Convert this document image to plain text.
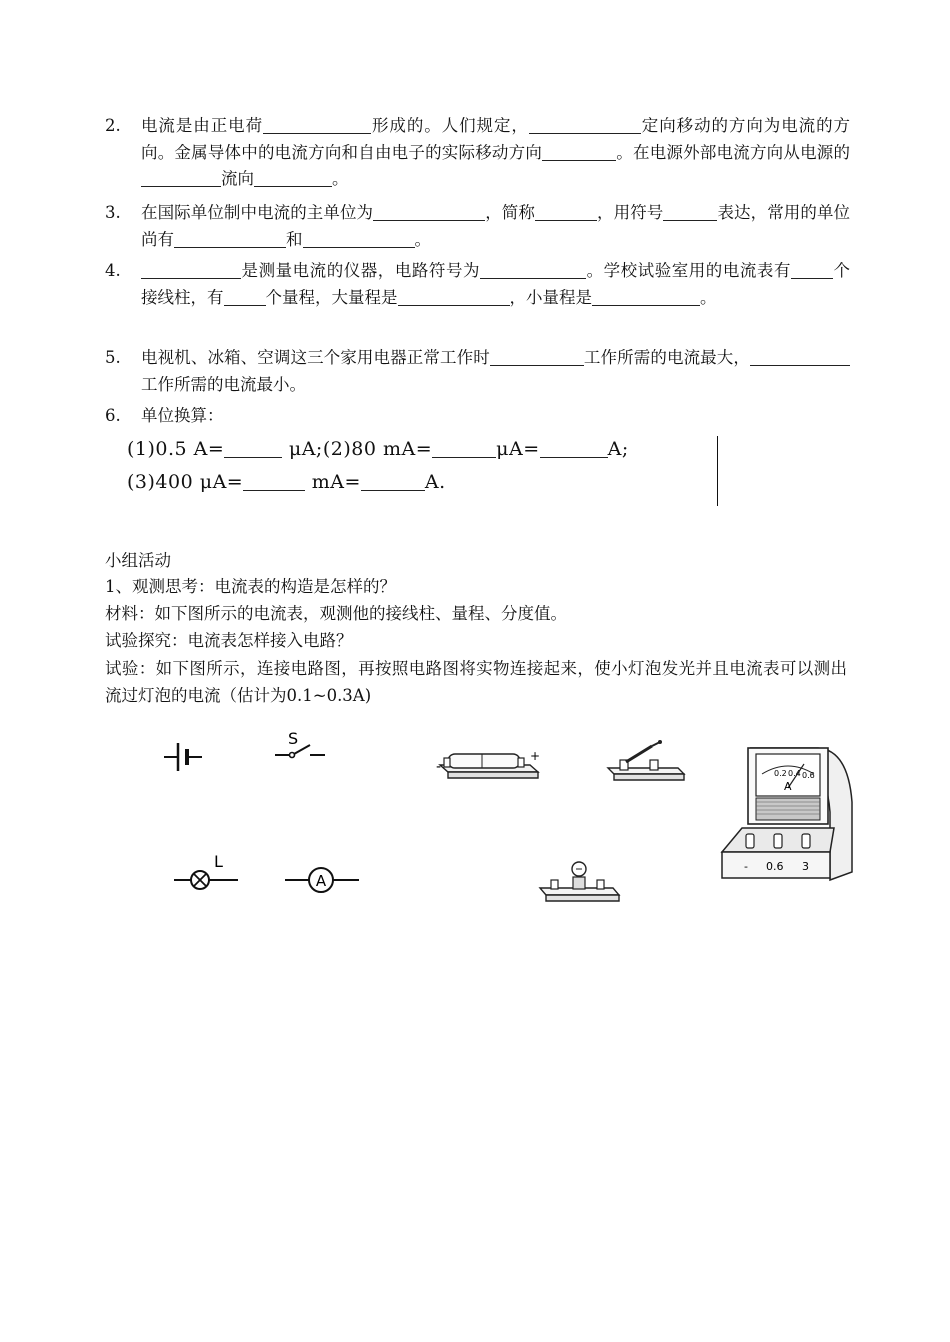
2. 电流是由正电荷	形成的。人们规定，	定向移动的方向为电流的方向。金属导体中的电流方向和自由电子的实际移动方向	。在电源外部电流方向从电源的流向	。
3. 在国际单位制中电流的主单位为	，简称	，用符号	表达，常用的单位尚有	和	。
4.	是测量电流的仪器，电路符号为	。学校试验室用的电流表有	个接线柱，有	个量程，大量程是	，小量程是	。
5. 电视机、冰箱、空调这三个家用电器正常工作时	工作所需的电流最大，工作所需的电流最小。
6. 单位换算：
(1)0.5 A=	μA;(2)80 mA=	μA=	A;
(3)400 μA=	mA=	A.
小组活动
1、观测思考：电流表的构造是怎样的？
材料：如下图所示的电流表，观测他的接线柱、量程、分度值。
试验探究：电流表怎样接入电路？
试验：如下图所示，连接电路图，再按照电路图将实物连接起来，使小灯泡发光并且电流表可以测出流过灯泡的电流（估计为0.1~0.3A)
S
L
A
-
+
0.2 0.4 0.6
A
- 0.6 3
